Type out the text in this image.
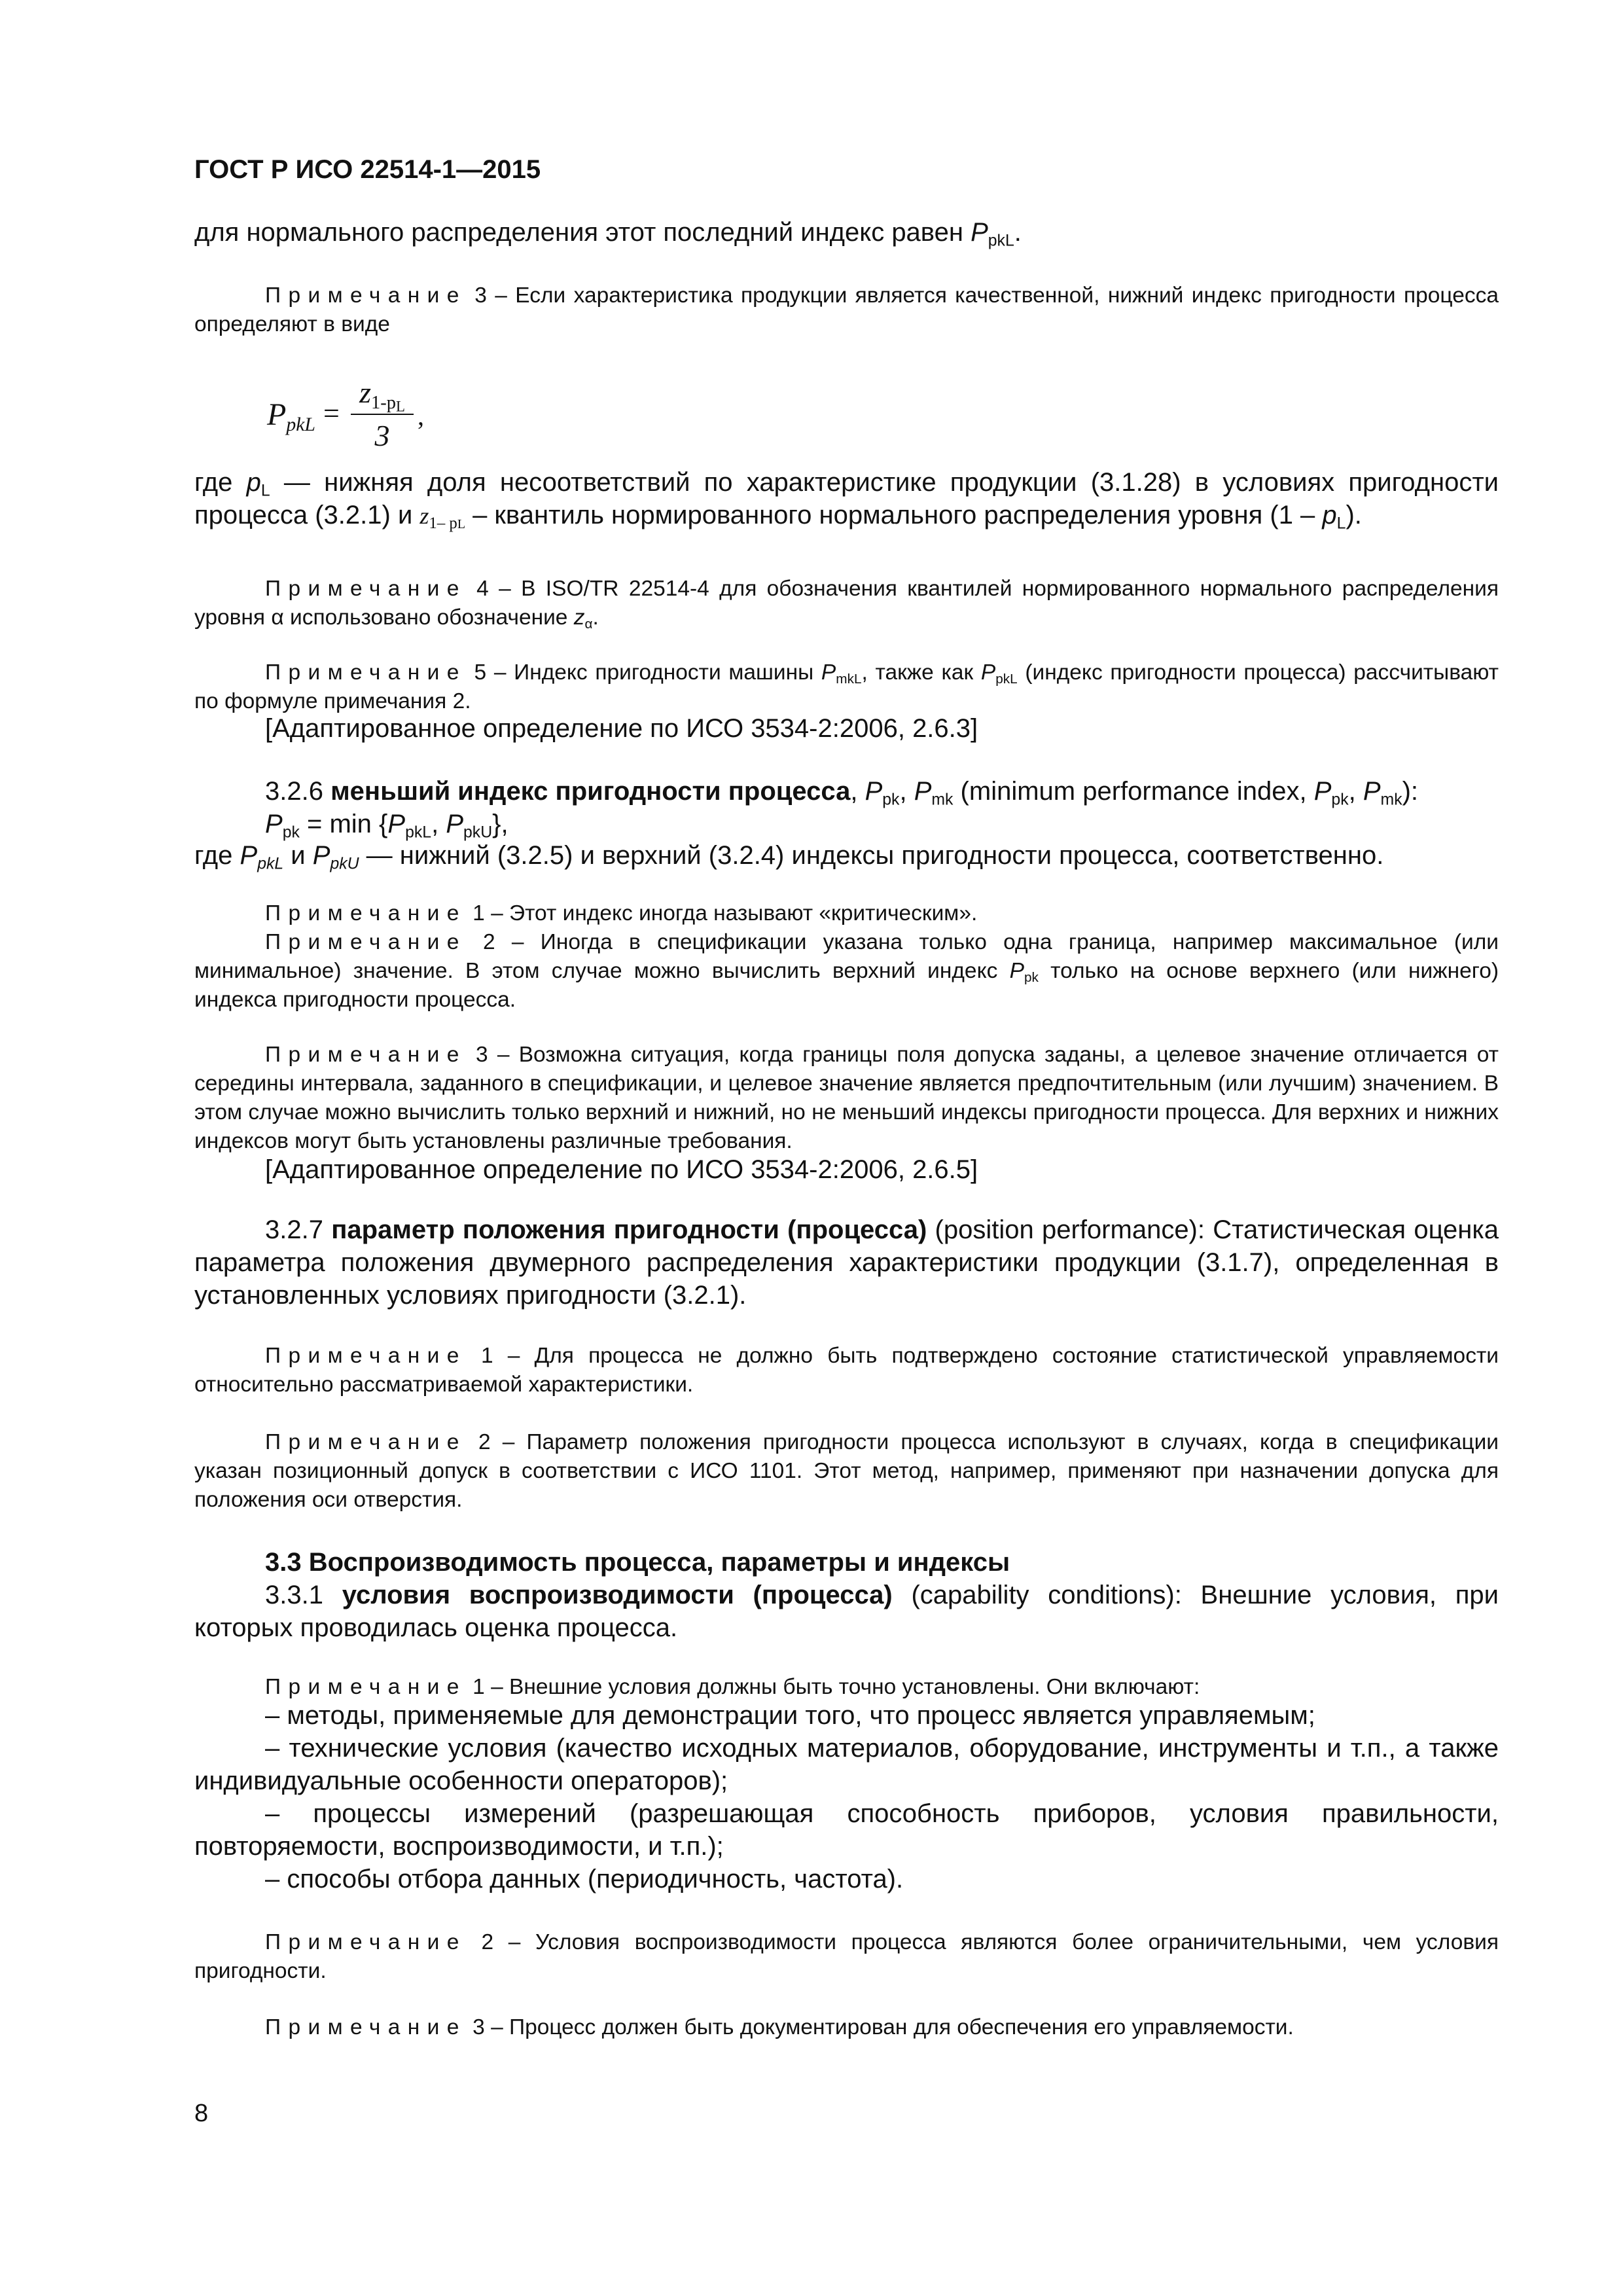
ГОСТ Р ИСО 22514-1—2015
для нормального распределения этот последний индекс равен PpkL.
Примечание 3 – Если характеристика продукции является качественной, нижний индекс пригодности процесса определяют в виде
PpkL =
z1-pL
3
,
где pL — нижняя доля несоответствий по характеристике продукции (3.1.28) в условиях пригодности процесса (3.2.1) и z1– pL – квантиль нормированного нормального распределения уровня (1 – pL).
Примечание 4 – В ISO/TR 22514-4 для обозначения квантилей нормированного нормального распределения уровня α использовано обозначение zα.
Примечание 5 – Индекс пригодности машины PmkL, также как PpkL (индекс пригодности процесса) рассчитывают по формуле примечания 2.
[Адаптированное определение по ИСО 3534-2:2006, 2.6.3]
3.2.6 меньший индекс пригодности процесса, Ppk, Pmk (minimum performance index, Ppk, Pmk):
Ppk = min {PpkL, PpkU},
где PpkL и PpkU — нижний (3.2.5) и верхний (3.2.4) индексы пригодности процесса, соответственно.
Примечание 1 – Этот индекс иногда называют «критическим».
Примечание 2 – Иногда в спецификации указана только одна граница, например максимальное (или минимальное) значение. В этом случае можно вычислить верхний индекс Ppk только на основе верхнего (или нижнего) индекса пригодности процесса.
Примечание 3 – Возможна ситуация, когда границы поля допуска заданы, а целевое значение отличается от середины интервала, заданного в спецификации, и целевое значение является предпочтительным (или лучшим) значением. В этом случае можно вычислить только верхний и нижний, но не меньший индексы пригодности процесса. Для верхних и нижних индексов могут быть установлены различные требования.
[Адаптированное определение по ИСО 3534-2:2006, 2.6.5]
3.2.7 параметр положения пригодности (процесса) (position performance): Статистическая оценка параметра положения двумерного распределения характеристики продукции (3.1.7), определенная в установленных условиях пригодности (3.2.1).
Примечание 1 – Для процесса не должно быть подтверждено состояние статистической управляемости относительно рассматриваемой характеристики.
Примечание 2 – Параметр положения пригодности процесса используют в случаях, когда в спецификации указан позиционный допуск в соответствии с ИСО 1101. Этот метод, например, применяют при назначении допуска для положения оси отверстия.
3.3 Воспроизводимость процесса, параметры и индексы
3.3.1 условия воспроизводимости (процесса) (capability conditions): Внешние условия, при которых проводилась оценка процесса.
Примечание 1 – Внешние условия должны быть точно установлены. Они включают:
– методы, применяемые для демонстрации того, что процесс является управляемым;
– технические условия (качество исходных материалов, оборудование, инструменты и т.п., а также индивидуальные особенности операторов);
– процессы измерений (разрешающая способность приборов, условия правильности, повторяемости, воспроизводимости, и т.п.);
– способы отбора данных (периодичность, частота).
Примечание 2 – Условия воспроизводимости процесса являются более ограничительными, чем условия пригодности.
Примечание 3 – Процесс должен быть документирован для обеспечения его управляемости.
8
